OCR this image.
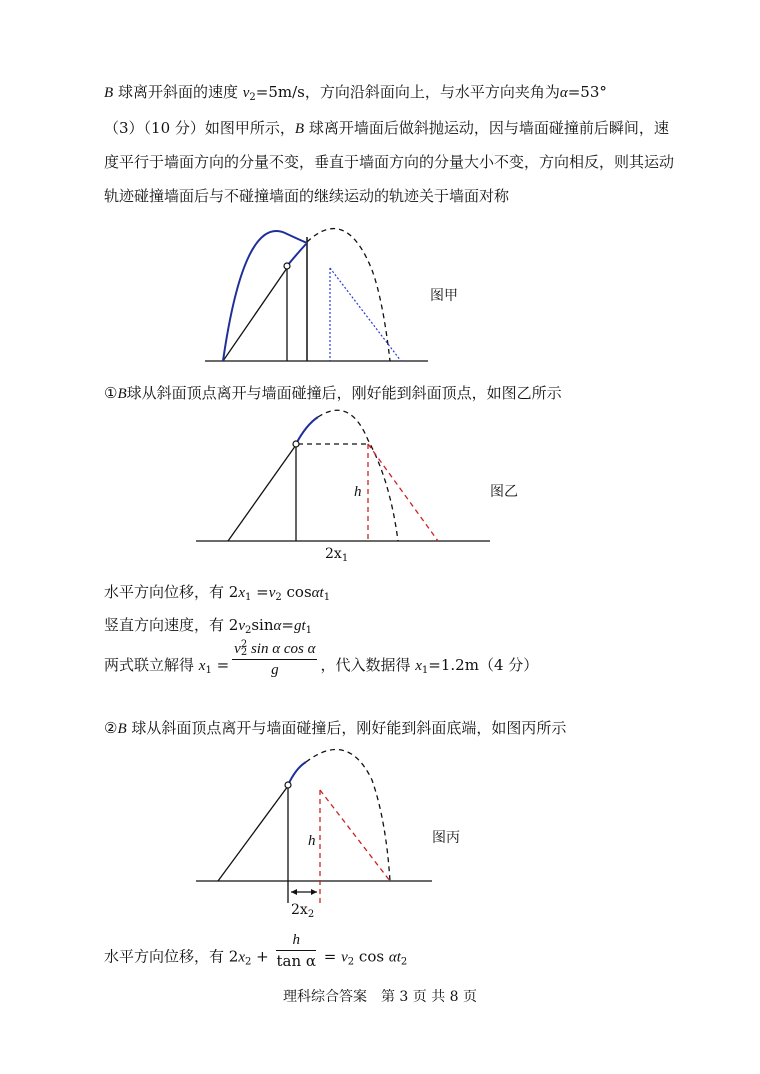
B 球离开斜面的速度 $v_2=5m/s$，方向沿斜面向上，与水平方向夹角为α=53°
（3）（10 分）如图甲所示，B 球离开墙面后做斜抛运动，因与墙面碰撞前后瞬间，速
度平行于墙面方向的分量不变，垂直于墙面方向的分量大小不变，方向相反，则其运动
轨迹碰撞墙面后与不碰撞墙面的继续运动的轨迹关于墙面对称
①B球从斜面顶点离开与墙面碰撞后，刚好能到斜面顶点，如图乙所示
水平方向位移，有 $2x_1 =v_2$ cosαt$_1$
竖直方向速度，有 $2v_2\sin\alpha=gt_1$
两式联立解得 $x_1 = v$ 2
2 sin α cos α
g ，代入数据得 $x_1=1.2m(4$ 分）
②B 球从斜面顶点离开与墙面碰撞后，刚好能到斜面底端，如图丙所示
水平方向位移，有 $2x_2 + \frac{h}{\text{tan α}} = v_2$ $\cos \alpha t_2$
图甲
h
$2x_1$
图乙
h
$2x_2$
图丙
理科综合答案　第 3 页 共 8 页
